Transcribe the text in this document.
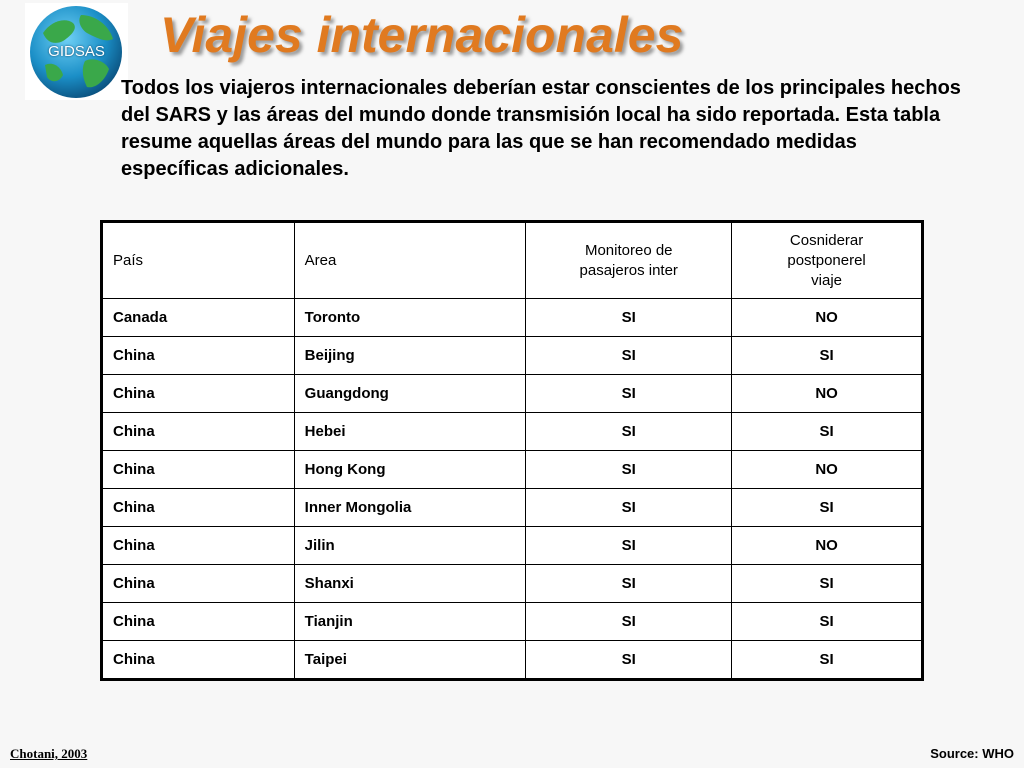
GIDSAS	Viajes internacionales

Todos los viajeros internacionales deberían estar conscientes de los principales hechos del SARS y las áreas del mundo donde transmisión local ha sido reportada. Esta tabla resume aquellas áreas del mundo para las que se han recomendado medidas específicas adicionales.

País	Area	Monitoreo de pasajeros inter	Cosniderar postponerel viaje
Canada	Toronto	SI	NO
China	Beijing	SI	SI
China	Guangdong	SI	NO
China	Hebei	SI	SI
China	Hong Kong	SI	NO
China	Inner Mongolia	SI	SI
China	Jilin	SI	NO
China	Shanxi	SI	SI
China	Tianjin	SI	SI
China	Taipei	SI	SI
Chotani, 2003	Source: WHO
